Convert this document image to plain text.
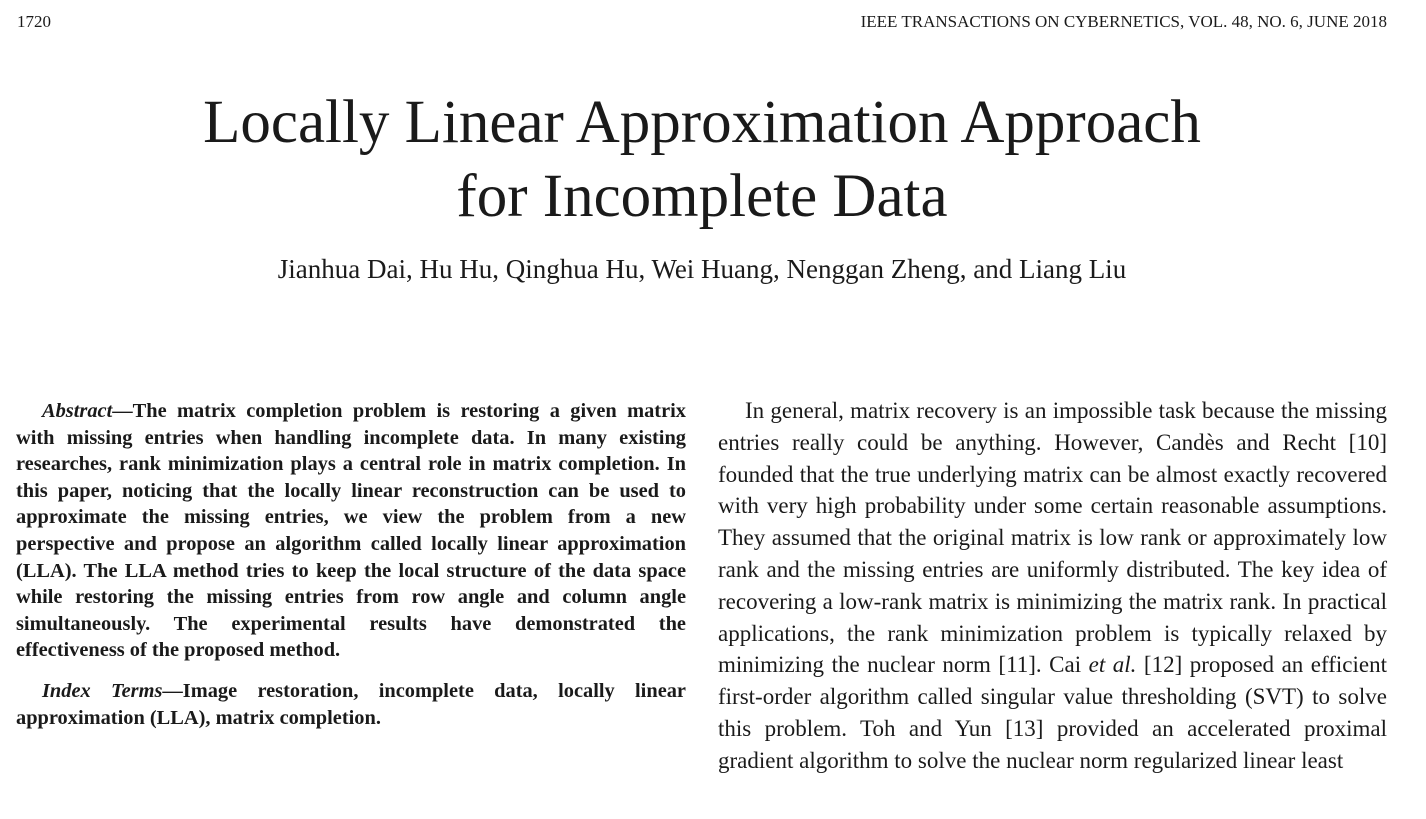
1720	IEEE TRANSACTIONS ON CYBERNETICS, VOL. 48, NO. 6, JUNE 2018
Locally Linear Approximation Approach
for Incomplete Data
Jianhua Dai, Hu Hu, Qinghua Hu, Wei Huang, Nenggan Zheng, and Liang Liu

Abstract—The matrix completion problem is restoring a given matrix with missing entries when handling incomplete data. In many existing researches, rank minimization plays a central role in matrix completion. In this paper, noticing that the locally linear reconstruction can be used to approximate the missing entries, we view the problem from a new perspective and propose an algorithm called locally linear approximation (LLA). The LLA method tries to keep the local structure of the data space while restoring the missing entries from row angle and column angle simultaneously. The experimental results have demonstrated the effectiveness of the proposed method.

Index Terms—Image restoration, incomplete data, locally linear approximation (LLA), matrix completion.

In general, matrix recovery is an impossible task because the missing entries really could be anything. However, Candès and Recht [10] founded that the true underlying matrix can be almost exactly recovered with very high probability under some certain reasonable assumptions. They assumed that the original matrix is low rank or approximately low rank and the missing entries are uniformly distributed. The key idea of recovering a low-rank matrix is minimizing the matrix rank. In practical applications, the rank minimization problem is typically relaxed by minimizing the nuclear norm [11]. Cai et al. [12] proposed an efficient first-order algorithm called singular value thresholding (SVT) to solve this problem. Toh and Yun [13] provided an accelerated proximal gradient algorithm to solve the nuclear norm regularized linear least
